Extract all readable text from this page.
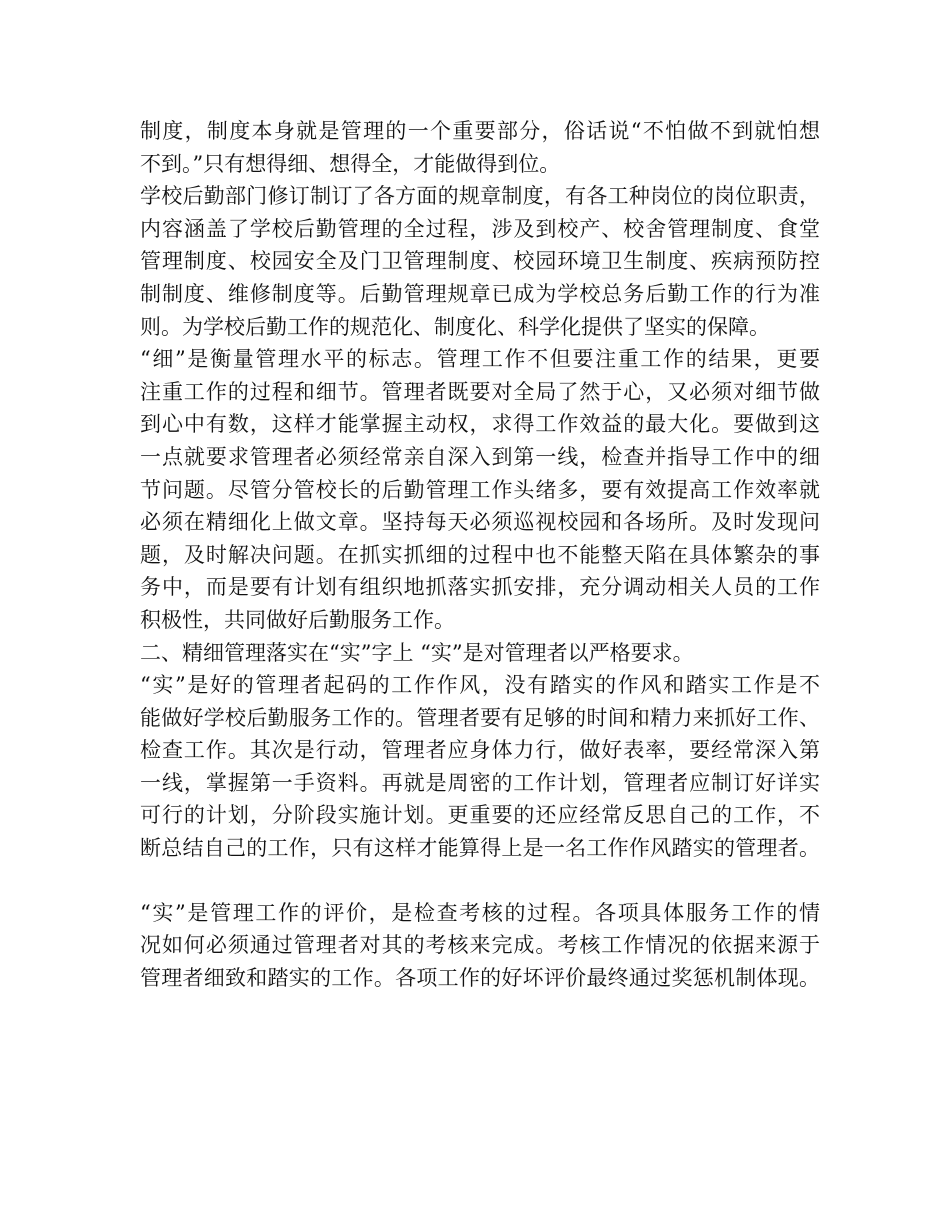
制度，制度本身就是管理的一个重要部分，俗话说“不怕做不到就怕想
不到。”只有想得细、想得全，才能做得到位。
学校后勤部门修订制订了各方面的规章制度，有各工种岗位的岗位职责，
内容涵盖了学校后勤管理的全过程，涉及到校产、校舍管理制度、食堂
管理制度、校园安全及门卫管理制度、校园环境卫生制度、疾病预防控
制制度、维修制度等。后勤管理规章已成为学校总务后勤工作的行为准
则。为学校后勤工作的规范化、制度化、科学化提供了坚实的保障。
“细”是衡量管理水平的标志。管理工作不但要注重工作的结果，更要
注重工作的过程和细节。管理者既要对全局了然于心，又必须对细节做
到心中有数，这样才能掌握主动权，求得工作效益的最大化。要做到这
一点就要求管理者必须经常亲自深入到第一线，检查并指导工作中的细
节问题。尽管分管校长的后勤管理工作头绪多，要有效提高工作效率就
必须在精细化上做文章。坚持每天必须巡视校园和各场所。及时发现问
题，及时解决问题。在抓实抓细的过程中也不能整天陷在具体繁杂的事
务中，而是要有计划有组织地抓落实抓安排，充分调动相关人员的工作
积极性，共同做好后勤服务工作。
二、精细管理落实在“实”字上 “实”是对管理者以严格要求。
“实”是好的管理者起码的工作作风，没有踏实的作风和踏实工作是不
能做好学校后勤服务工作的。管理者要有足够的时间和精力来抓好工作、
检查工作。其次是行动，管理者应身体力行，做好表率，要经常深入第
一线，掌握第一手资料。再就是周密的工作计划，管理者应制订好详实
可行的计划，分阶段实施计划。更重要的还应经常反思自己的工作，不
断总结自己的工作，只有这样才能算得上是一名工作作风踏实的管理者。
“实”是管理工作的评价，是检查考核的过程。各项具体服务工作的情
况如何必须通过管理者对其的考核来完成。考核工作情况的依据来源于
管理者细致和踏实的工作。各项工作的好坏评价最终通过奖惩机制体现。
